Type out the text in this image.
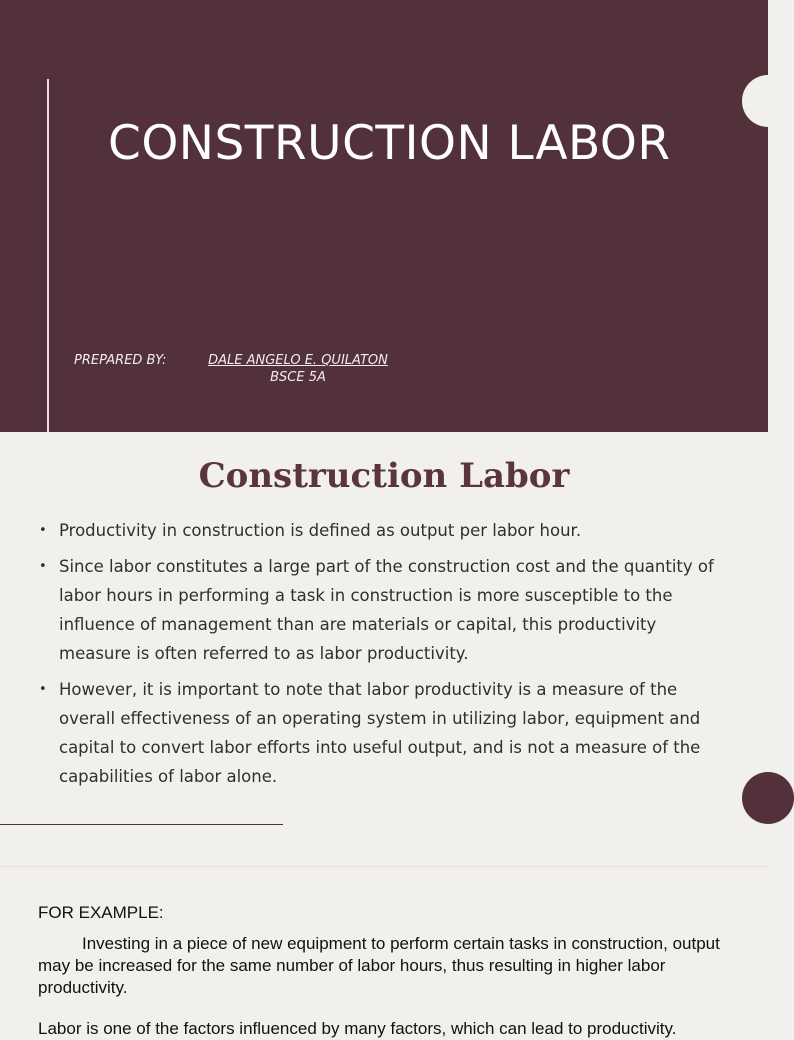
CONSTRUCTION LABOR
PREPARED BY:	DALE ANGELO E. QUILATON
BSCE 5A
Construction Labor
• Productivity in construction is defined as output per labor hour.
• Since labor constitutes a large part of the construction cost and the quantity of labor hours in performing a task in construction is more susceptible to the influence of management than are materials or capital, this productivity measure is often referred to as labor productivity.
• However, it is important to note that labor productivity is a measure of the overall effectiveness of an operating system in utilizing labor, equipment and capital to convert labor efforts into useful output, and is not a measure of the capabilities of labor alone.
FOR EXAMPLE:

Investing in a piece of new equipment to perform certain tasks in construction, output may be increased for the same number of labor hours, thus resulting in higher labor productivity.

Labor is one of the factors influenced by many factors, which can lead to productivity.
